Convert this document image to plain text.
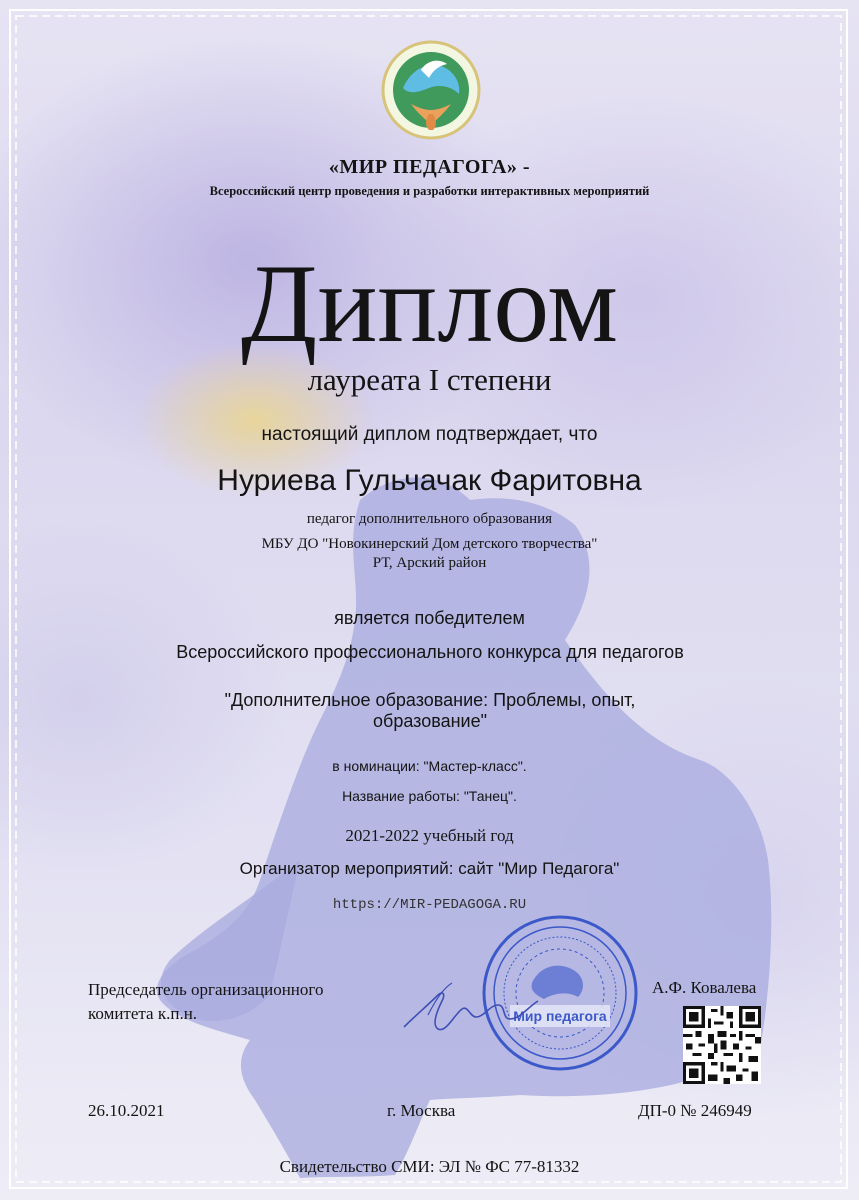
«МИР ПЕДАГОГА» -
Всероссийский центр проведения и разработки интерактивных мероприятий
Диплом
лауреата I степени
настоящий диплом подтверждает, что
Нуриева Гульчачак Фаритовна
педагог дополнительного образования
МБУ ДО "Новокинерский Дом детского творчества"
РТ, Арский район
является победителем
Всероссийского профессионального конкурса для педагогов
"Дополнительное образование: Проблемы, опыт, образование"
в номинации: "Мастер-класс".
Название работы: "Танец".
2021-2022 учебный год
Организатор мероприятий: сайт "Мир Педагога"
https://MIR-PEDAGOGA.RU
Председатель организационного
комитета к.п.н.
А.Ф. Ковалева
Мир педагога
26.10.2021	г. Москва	ДП-0 № 246949
Свидетельство СМИ: ЭЛ № ФС 77-81332
